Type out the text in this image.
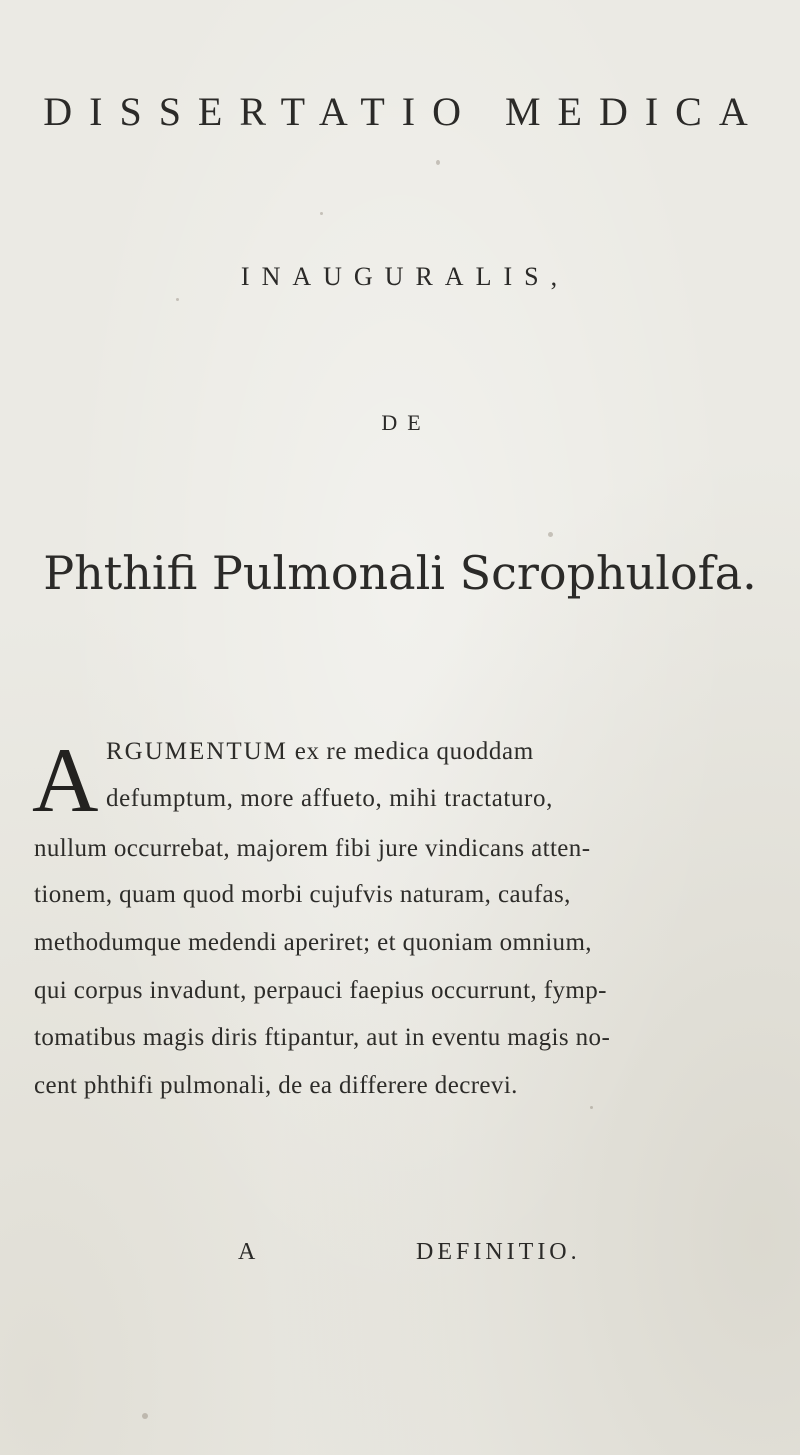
DISSERTATIO MEDICA
INAUGURALIS,
DE
Phthifi Pulmonali Scrophulofa.
A RGUMENTUM ex re medica quoddam
defumptum, more affueto, mihi tractaturo,
nullum occurrebat, majorem fibi jure vindicans atten-
tionem, quam quod morbi cujufvis naturam, caufas,
methodumque medendi aperiret; et quoniam omnium,
qui corpus invadunt, perpauci faepius occurrunt, fymp-
tomatibus magis diris ftipantur, aut in eventu magis no-
cent phthifi pulmonali, de ea differere decrevi.
A	DEFINITIO.
